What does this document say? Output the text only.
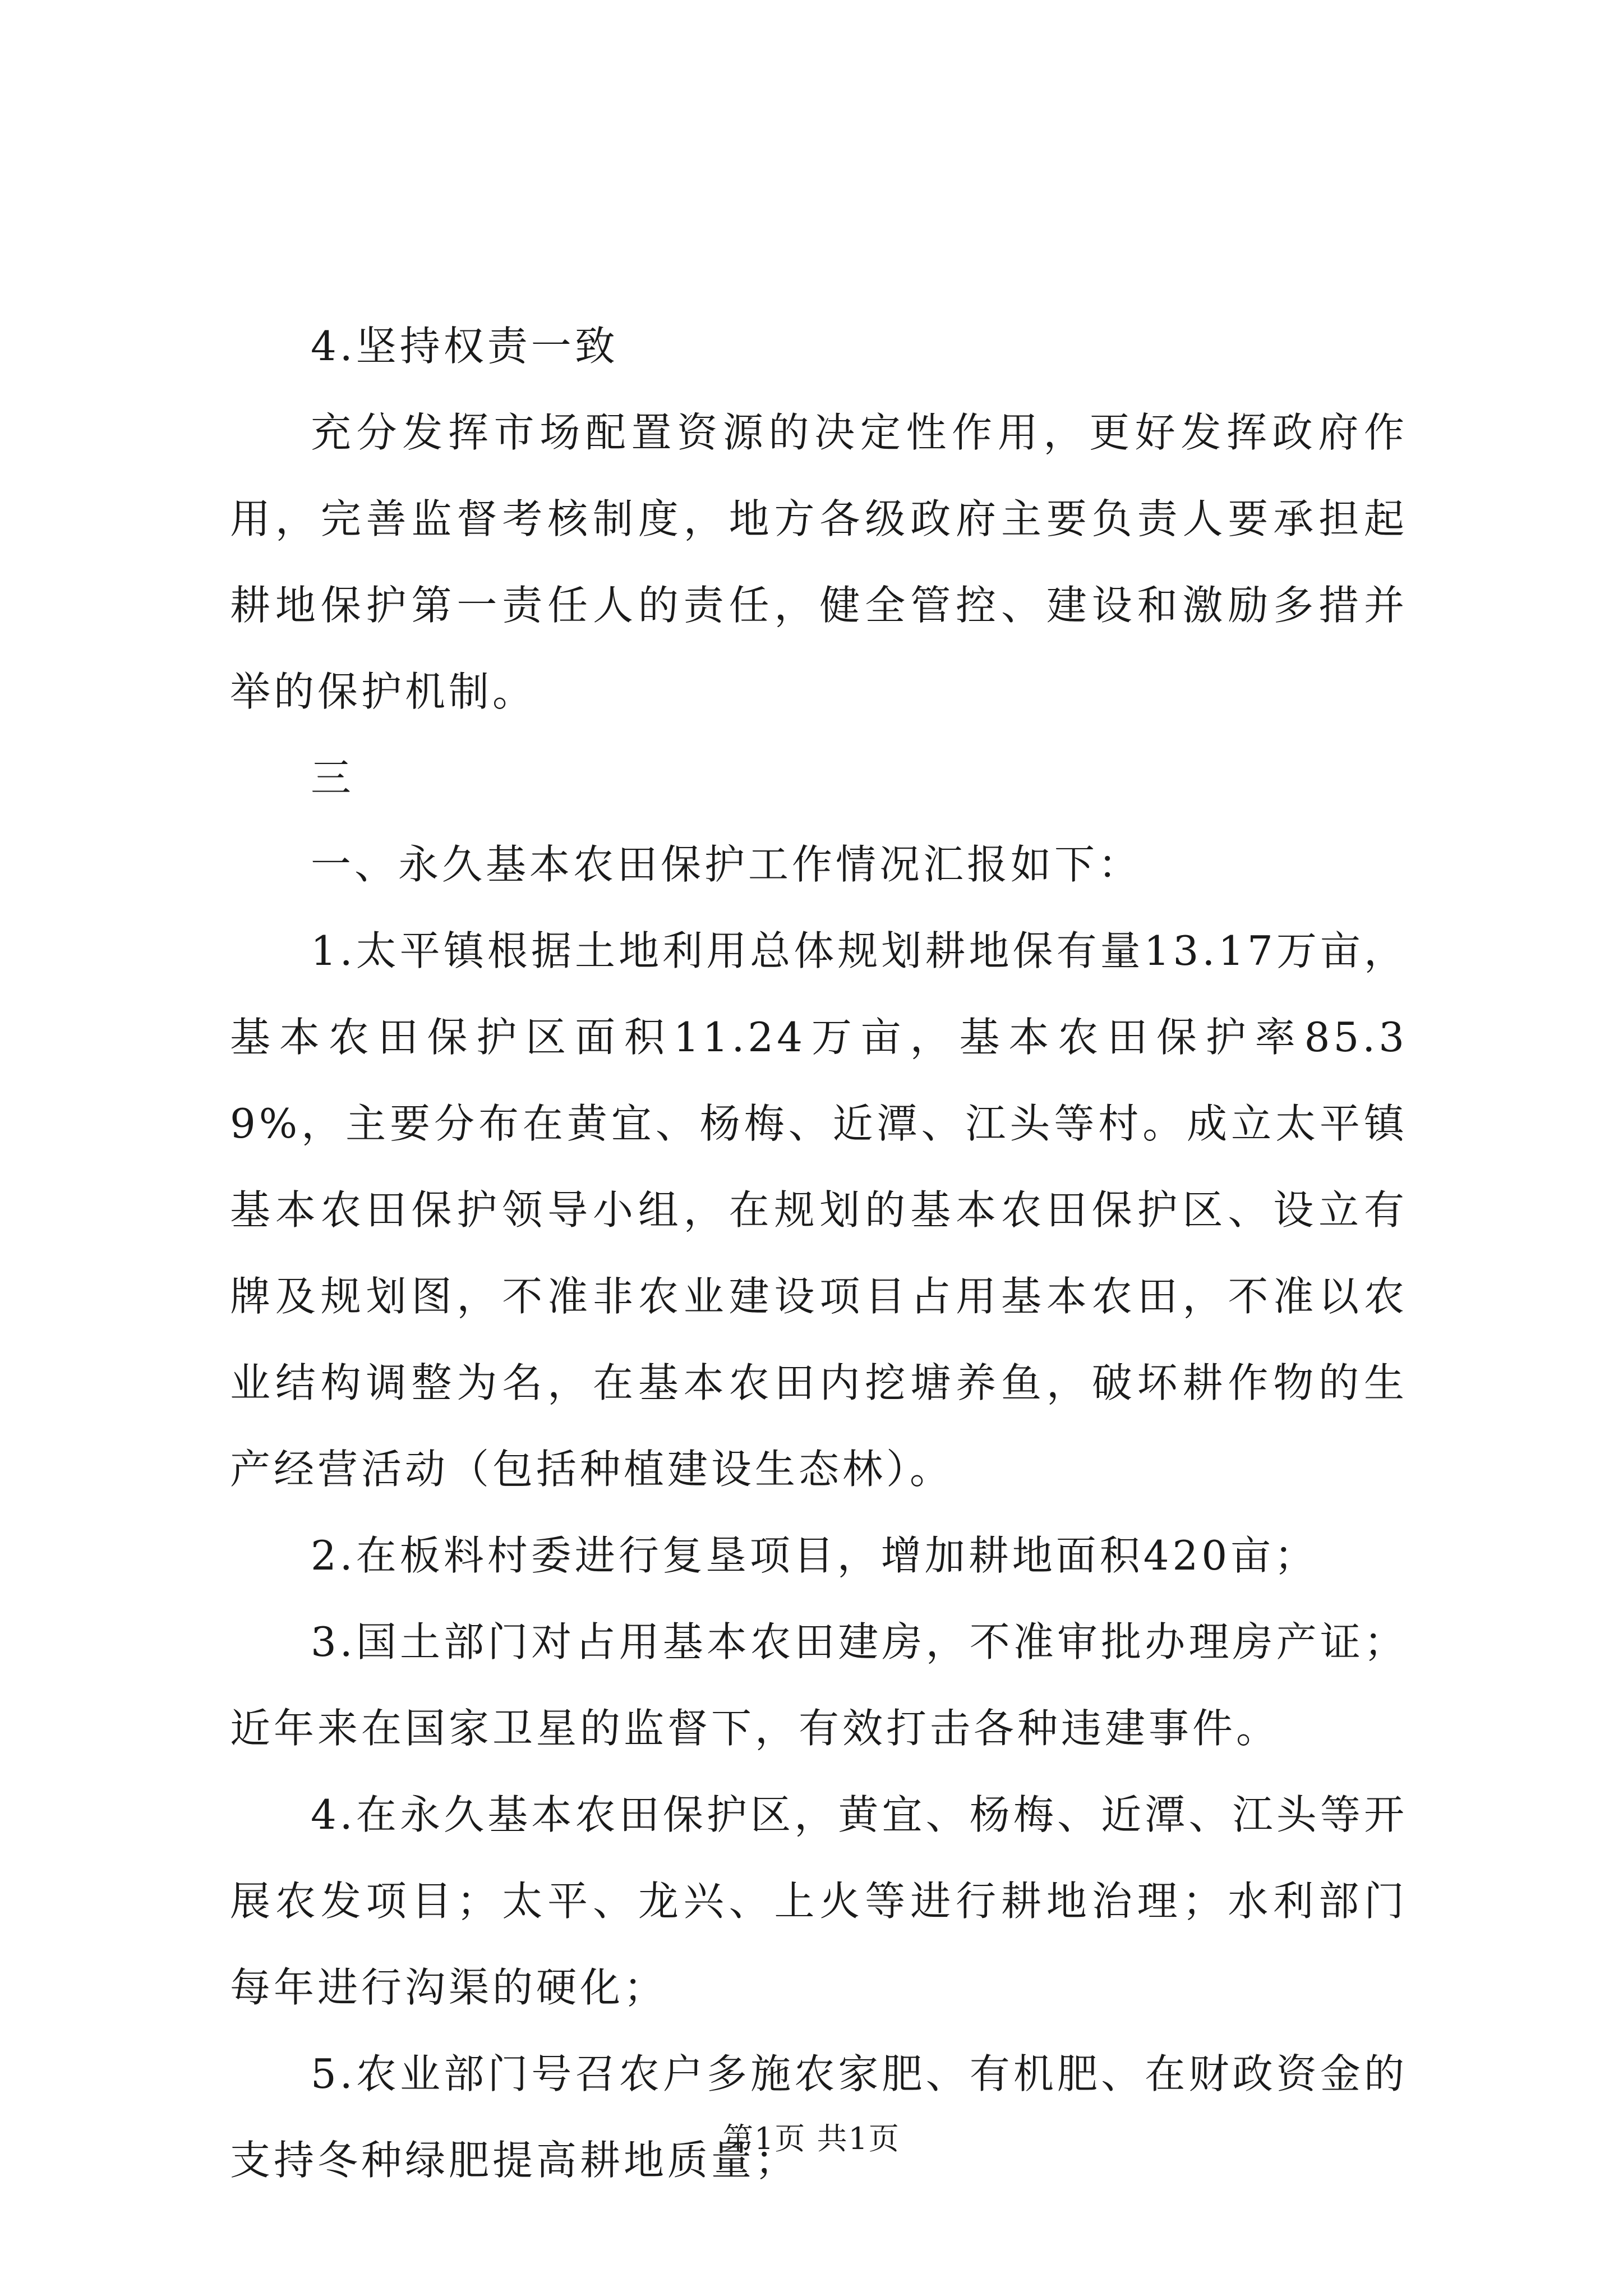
4.坚持权责一致

充分发挥市场配置资源的决定性作用，更好发挥政府作用，完善监督考核制度，地方各级政府主要负责人要承担起耕地保护第一责任人的责任，健全管控、建设和激励多措并举的保护机制。

三

一、永久基本农田保护工作情况汇报如下：

1.太平镇根据土地利用总体规划耕地保有量13.17万亩，基本农田保护区面积11.24万亩，基本农田保护率85.39%，主要分布在黄宜、杨梅、近潭、江头等村。成立太平镇基本农田保护领导小组，在规划的基本农田保护区、设立有牌及规划图，不准非农业建设项目占用基本农田，不准以农业结构调整为名，在基本农田内挖塘养鱼，破坏耕作物的生产经营活动（包括种植建设生态林）。

2.在板料村委进行复垦项目，增加耕地面积420亩；

3.国土部门对占用基本农田建房，不准审批办理房产证；近年来在国家卫星的监督下，有效打击各种违建事件。

4.在永久基本农田保护区，黄宜、杨梅、近潭、江头等开展农发项目；太平、龙兴、上火等进行耕地治理；水利部门每年进行沟渠的硬化；

5.农业部门号召农户多施农家肥、有机肥、在财政资金的支持冬种绿肥提高耕地质量；

第1页 共1页
